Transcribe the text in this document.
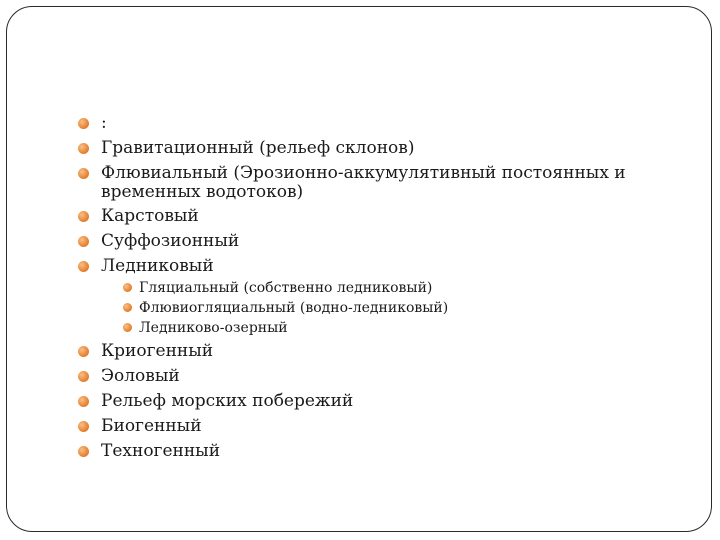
:
Гравитационный (рельеф склонов)
Флювиальный (Эрозионно-аккумулятивный постоянных и временных водотоков)
Карстовый
Суффозионный
Ледниковый
Гляциальный (собственно ледниковый)
Флювиогляциальный (водно-ледниковый)
Ледниково-озерный
Криогенный
Эоловый
Рельеф морских побережий
Биогенный
Техногенный
